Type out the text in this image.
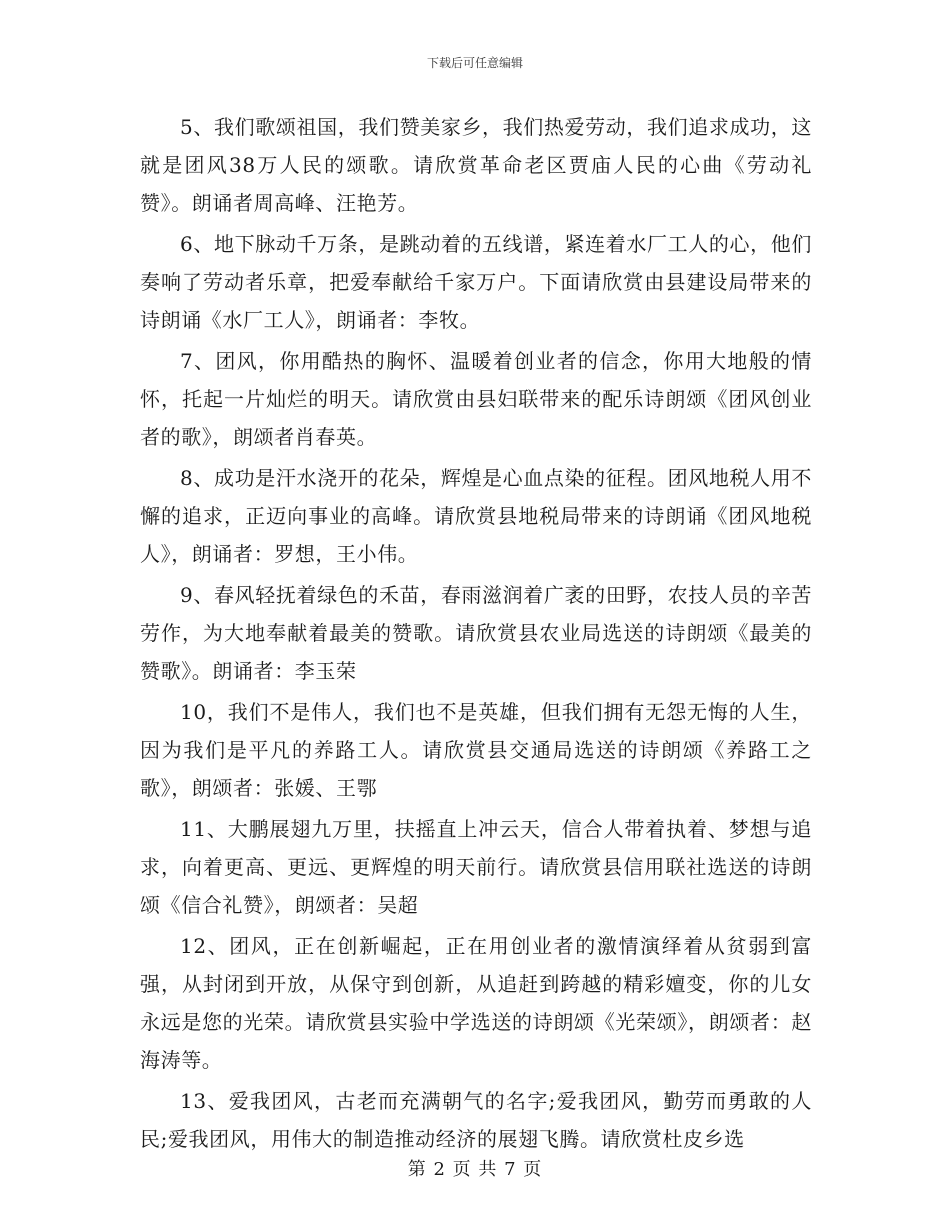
下载后可任意编辑

5、我们歌颂祖国，我们赞美家乡，我们热爱劳动，我们追求成功，这就是团风38万人民的颂歌。请欣赏革命老区贾庙人民的心曲《劳动礼赞》。朗诵者周高峰、汪艳芳。

6、地下脉动千万条，是跳动着的五线谱，紧连着水厂工人的心，他们奏响了劳动者乐章，把爱奉献给千家万户。下面请欣赏由县建设局带来的诗朗诵《水厂工人》，朗诵者：李牧。

7、团风，你用酷热的胸怀、温暖着创业者的信念，你用大地般的情怀，托起一片灿烂的明天。请欣赏由县妇联带来的配乐诗朗颂《团风创业者的歌》，朗颂者肖春英。

8、成功是汗水浇开的花朵，辉煌是心血点染的征程。团风地税人用不懈的追求，正迈向事业的高峰。请欣赏县地税局带来的诗朗诵《团风地税人》，朗诵者：罗想，王小伟。

9、春风轻抚着绿色的禾苗，春雨滋润着广袤的田野，农技人员的辛苦劳作，为大地奉献着最美的赞歌。请欣赏县农业局选送的诗朗颂《最美的赞歌》。朗诵者：李玉荣

10，我们不是伟人，我们也不是英雄，但我们拥有无怨无悔的人生，因为我们是平凡的养路工人。请欣赏县交通局选送的诗朗颂《养路工之歌》，朗颂者：张媛、王鄂

11、大鹏展翅九万里，扶摇直上冲云天，信合人带着执着、梦想与追求，向着更高、更远、更辉煌的明天前行。请欣赏县信用联社选送的诗朗颂《信合礼赞》，朗颂者：吴超

12、团风，正在创新崛起，正在用创业者的激情演绎着从贫弱到富强，从封闭到开放，从保守到创新，从追赶到跨越的精彩嬗变，你的儿女永远是您的光荣。请欣赏县实验中学选送的诗朗颂《光荣颂》，朗颂者：赵海涛等。

13、爱我团风，古老而充满朝气的名字;爱我团风，勤劳而勇敢的人民;爱我团风，用伟大的制造推动经济的展翅飞腾。请欣赏杜皮乡选

第 2 页 共 7 页
